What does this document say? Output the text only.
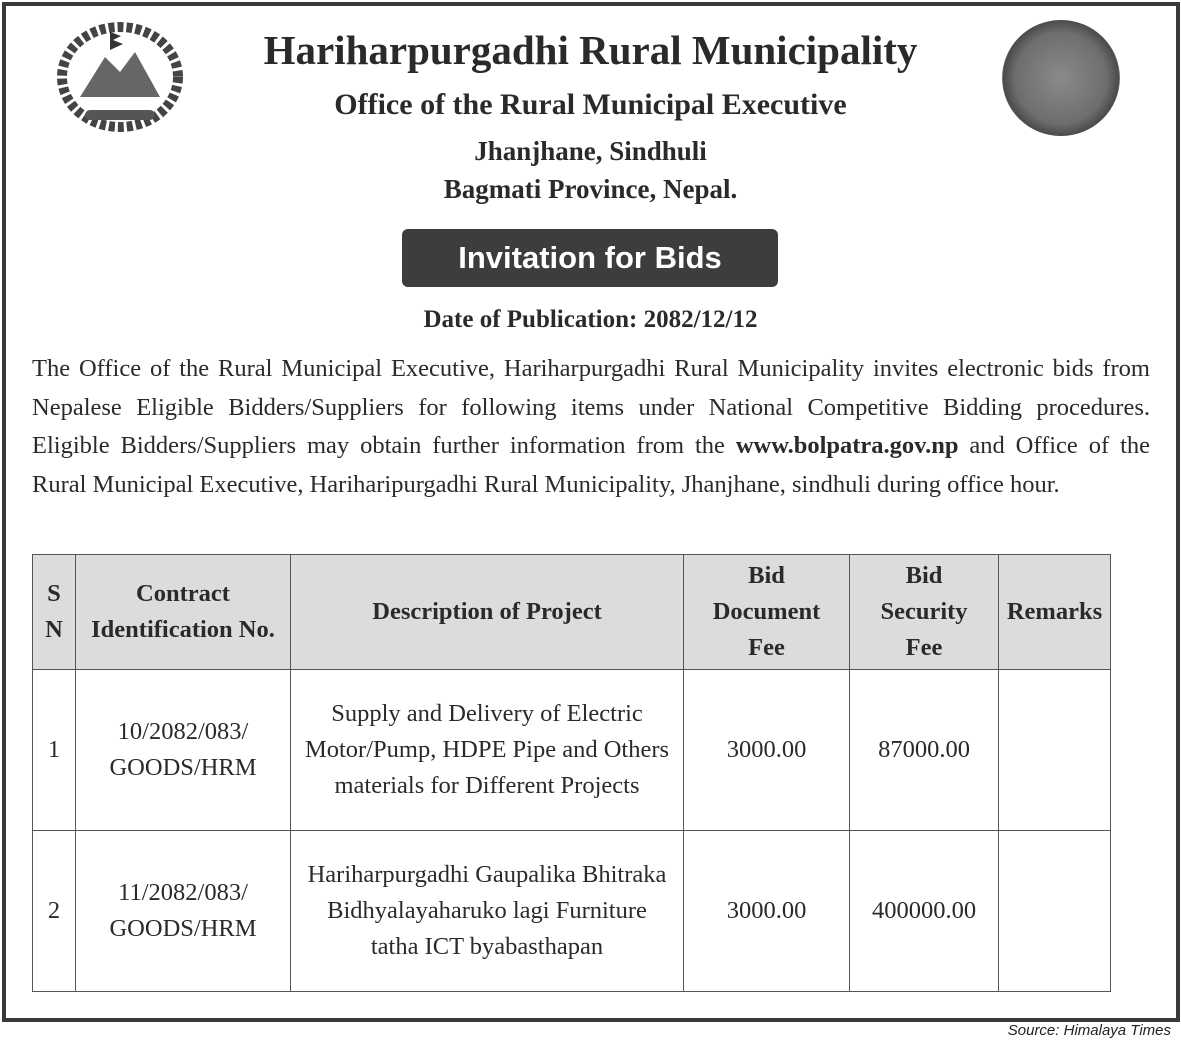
Hariharpurgadhi Rural Municipality
Office of the Rural Municipal Executive
Jhanjhane, Sindhuli
Bagmati Province, Nepal.
Invitation for Bids
Date of Publication: 2082/12/12
The Office of the Rural Municipal Executive, Hariharpurgadhi Rural Municipality invites electronic bids from Nepalese Eligible Bidders/Suppliers for following items under National Competitive Bidding procedures. Eligible Bidders/Suppliers may obtain further information from the www.bolpatra.gov.np and Office of the Rural Municipal Executive, Hariharipurgadhi Rural Municipality, Jhanjhane, sindhuli during office hour.
S N	Contract Identification No.	Description of Project	Bid Document Fee	Bid Security Fee	Remarks
1	10/2082/083/ GOODS/HRM	Supply and Delivery of Electric Motor/Pump, HDPE Pipe and Others materials for Different Projects	3000.00	87000.00	
2	11/2082/083/ GOODS/HRM	Hariharpurgadhi Gaupalika Bhitraka Bidhyalayaharuko lagi Furniture tatha ICT byabasthapan	3000.00	400000.00	
Source: Himalaya Times
